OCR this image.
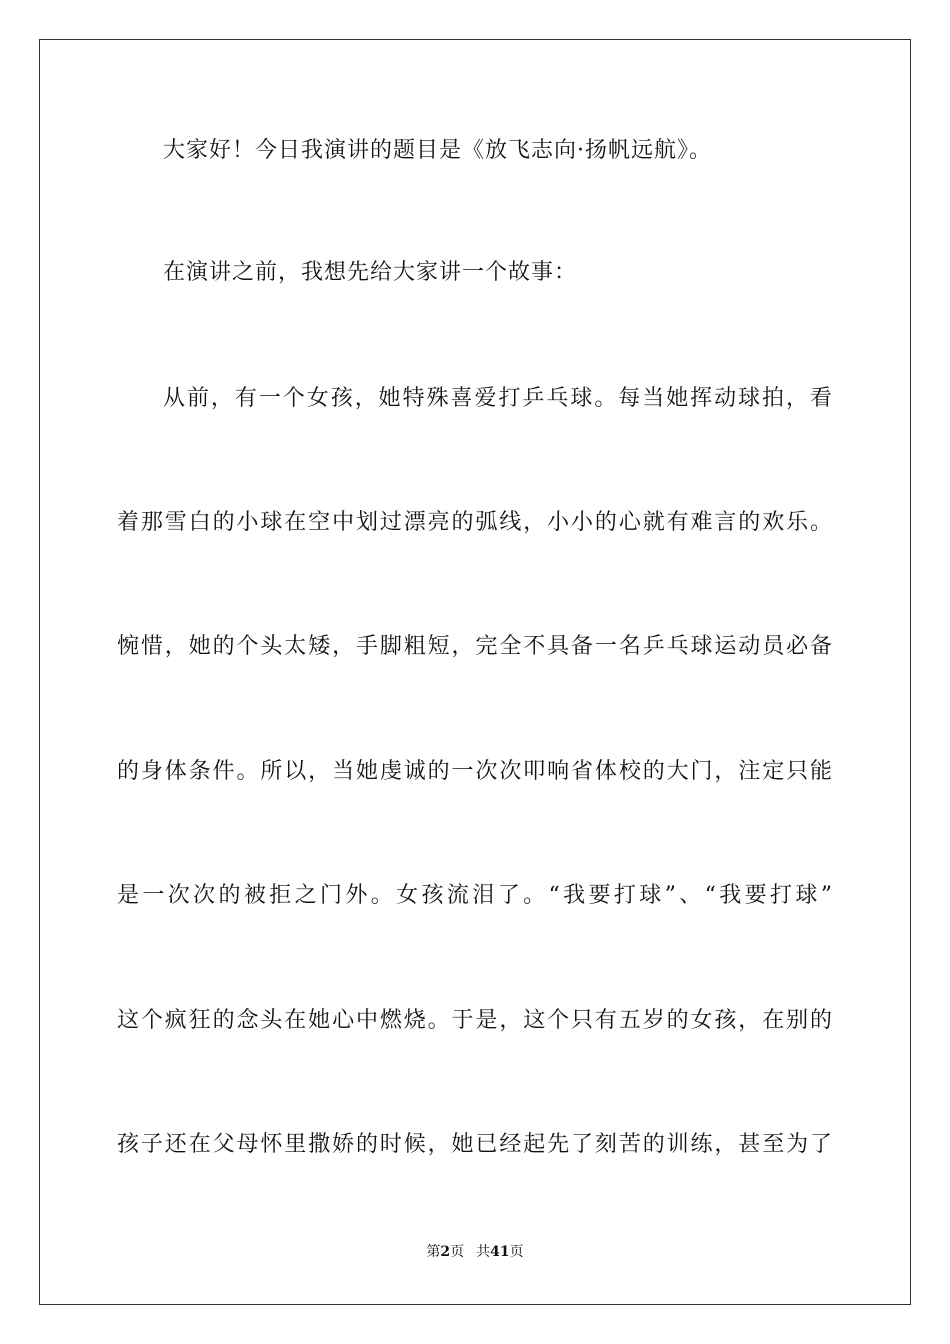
大家好！今日我演讲的题目是《放飞志向·扬帆远航》。
在演讲之前，我想先给大家讲一个故事：
从前，有一个女孩，她特殊喜爱打乒乓球。每当她挥动球拍，看
着那雪白的小球在空中划过漂亮的弧线，小小的心就有难言的欢乐。
惋惜，她的个头太矮，手脚粗短，完全不具备一名乒乓球运动员必备
的身体条件。所以，当她虔诚的一次次叩响省体校的大门，注定只能
是一次次的被拒之门外。女孩流泪了。“我要打球”、“我要打球”
这个疯狂的念头在她心中燃烧。于是，这个只有五岁的女孩，在别的
孩子还在父母怀里撒娇的时候，她已经起先了刻苦的训练，甚至为了
第2页 共41页
